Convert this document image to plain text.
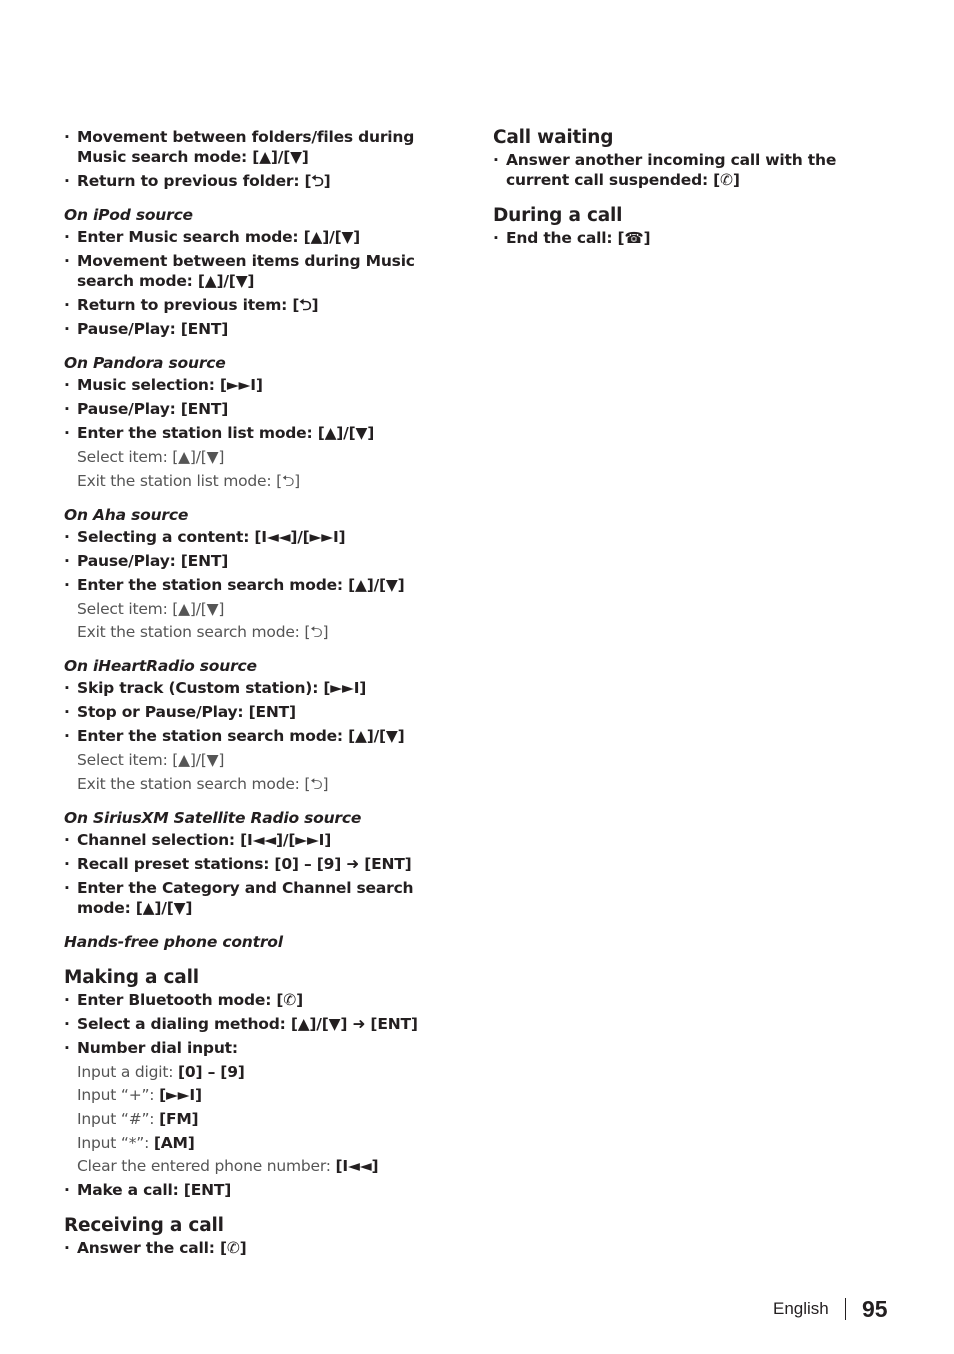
· Movement between folders/files during Music search mode: [▲]/[▼]
· Return to previous folder: [⮌]
On iPod source
· Enter Music search mode: [▲]/[▼]
· Movement between items during Music search mode: [▲]/[▼]
· Return to previous item: [⮌]
· Pause/Play: [ENT]
On Pandora source
· Music selection: [►►I]
· Pause/Play: [ENT]
· Enter the station list mode: [▲]/[▼]
Select item: [▲]/[▼]
Exit the station list mode: [⮌]
On Aha source
· Selecting a content: [I◄◄]/[►►I]
· Pause/Play: [ENT]
· Enter the station search mode: [▲]/[▼]
Select item: [▲]/[▼]
Exit the station search mode: [⮌]
On iHeartRadio source
· Skip track (Custom station): [►►I]
· Stop or Pause/Play: [ENT]
· Enter the station search mode: [▲]/[▼]
Select item: [▲]/[▼]
Exit the station search mode: [⮌]
On SiriusXM Satellite Radio source
· Channel selection: [I◄◄]/[►►I]
· Recall preset stations: [0] – [9] ➜ [ENT]
· Enter the Category and Channel search mode: [▲]/[▼]
Hands-free phone control
Making a call
· Enter Bluetooth mode: [✆]
· Select a dialing method: [▲]/[▼] ➜ [ENT]
· Number dial input:
Input a digit: [0] – [9]
Input “+”: [►►I]
Input “#”: [FM]
Input “*”: [AM]
Clear the entered phone number: [I◄◄]
· Make a call: [ENT]
Receiving a call
· Answer the call: [✆]
Call waiting
· Answer another incoming call with the current call suspended: [✆]
During a call
· End the call: [☎]
English 95
